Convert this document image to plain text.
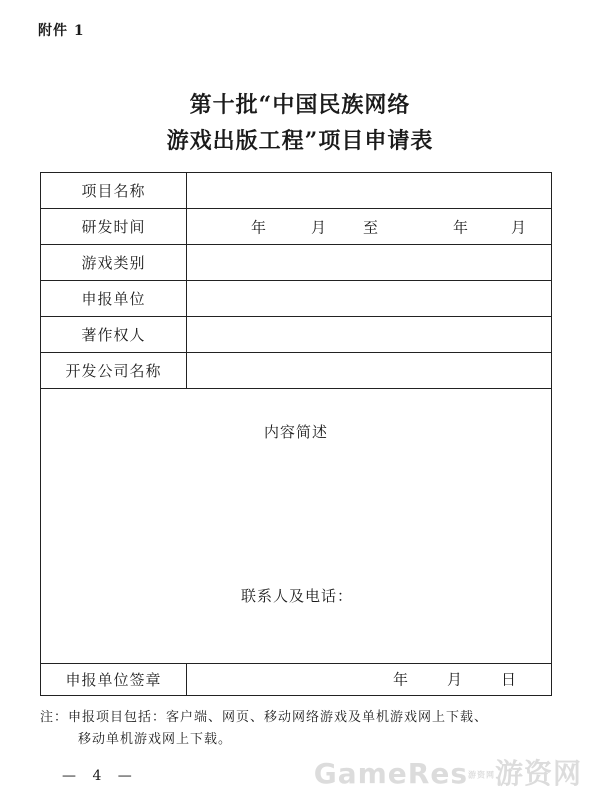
附件 1
第十批“中国民族网络
游戏出版工程”项目申请表
项目名称
研发时间	年	月 至	年	月
游戏类别
申报单位
著作权人
开发公司名称
内容简述
联系人及电话：
申报单位签章	年	月	日
注：申报项目包括：客户端、网页、移动网络游戏及单机游戏网上下载、
移动单机游戏网上下载。
— 4 —	GameRes游资网游资网
